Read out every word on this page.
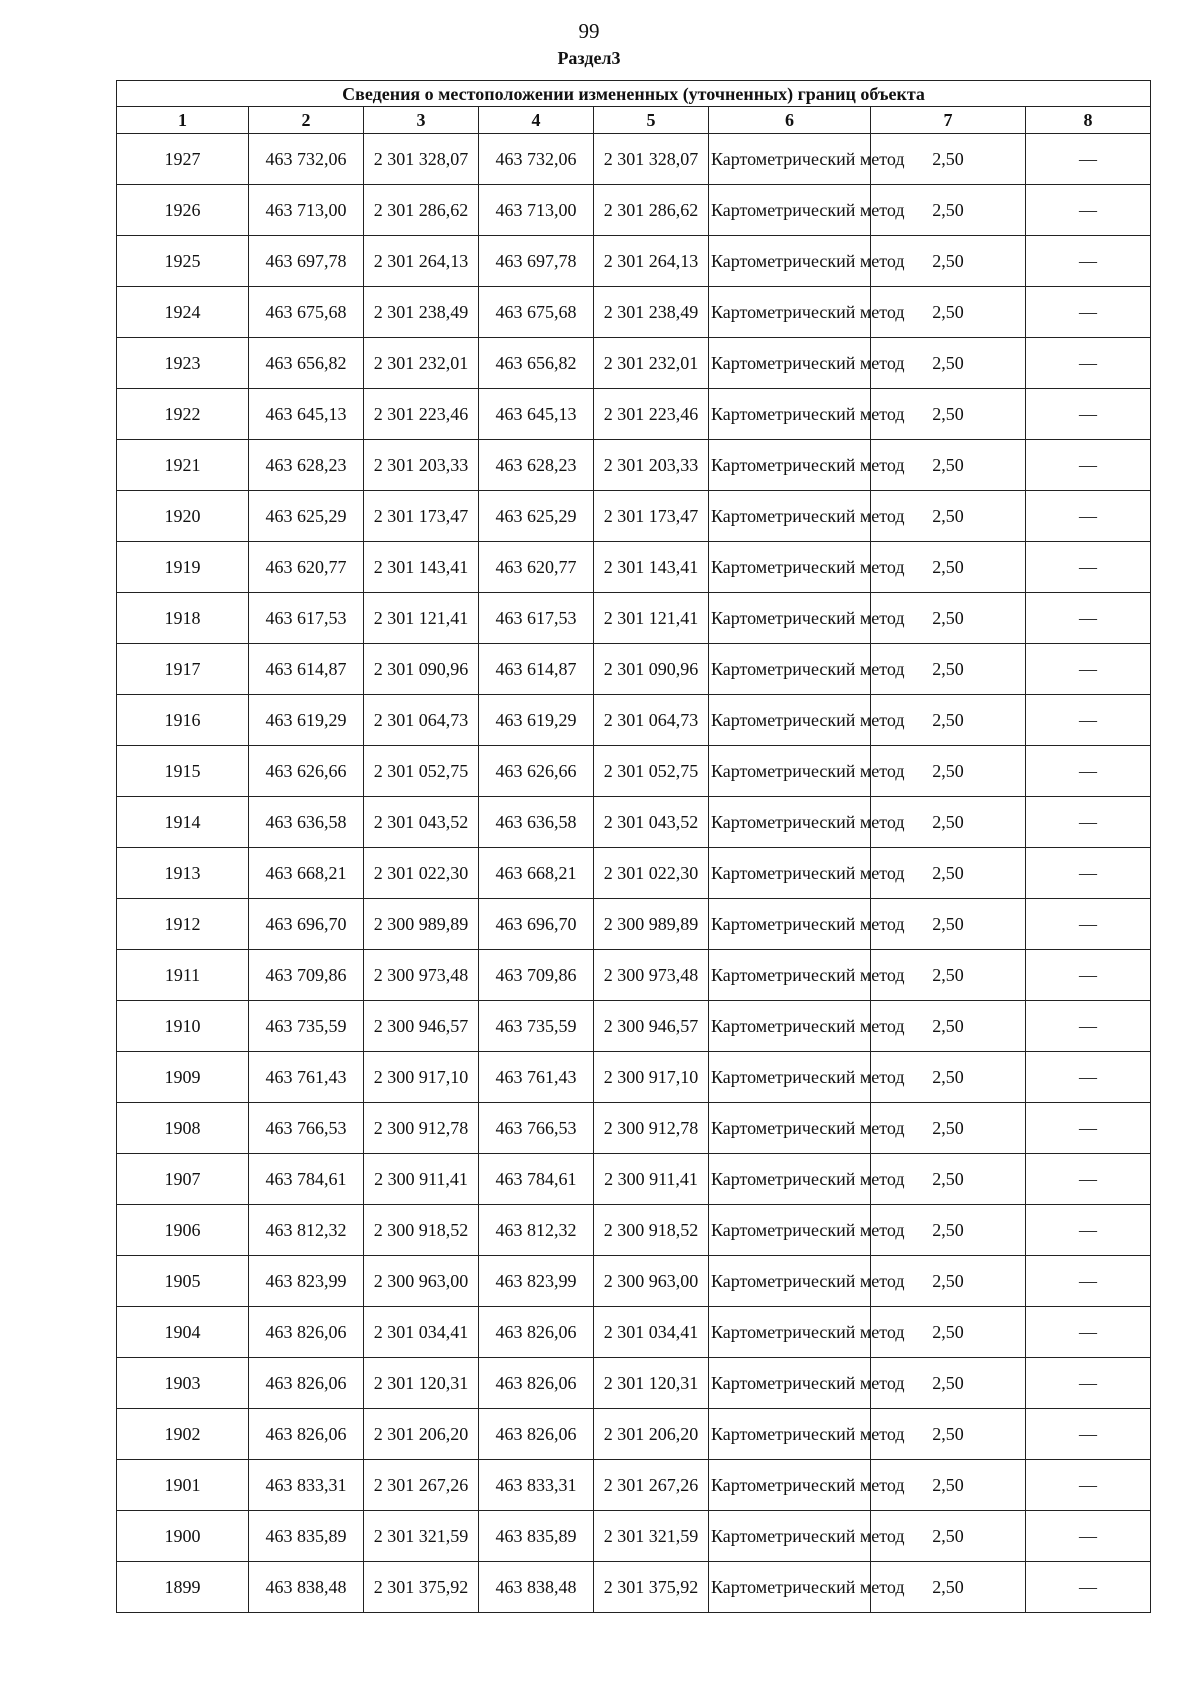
99
Раздел3
Сведения о местоположении измененных (уточненных) границ объекта							
1	2	3	4	5	6	7	8
1927	463 732,06	2 301 328,07	463 732,06	2 301 328,07	Картометрический метод	2,50	—
1926	463 713,00	2 301 286,62	463 713,00	2 301 286,62	Картометрический метод	2,50	—
1925	463 697,78	2 301 264,13	463 697,78	2 301 264,13	Картометрический метод	2,50	—
1924	463 675,68	2 301 238,49	463 675,68	2 301 238,49	Картометрический метод	2,50	—
1923	463 656,82	2 301 232,01	463 656,82	2 301 232,01	Картометрический метод	2,50	—
1922	463 645,13	2 301 223,46	463 645,13	2 301 223,46	Картометрический метод	2,50	—
1921	463 628,23	2 301 203,33	463 628,23	2 301 203,33	Картометрический метод	2,50	—
1920	463 625,29	2 301 173,47	463 625,29	2 301 173,47	Картометрический метод	2,50	—
1919	463 620,77	2 301 143,41	463 620,77	2 301 143,41	Картометрический метод	2,50	—
1918	463 617,53	2 301 121,41	463 617,53	2 301 121,41	Картометрический метод	2,50	—
1917	463 614,87	2 301 090,96	463 614,87	2 301 090,96	Картометрический метод	2,50	—
1916	463 619,29	2 301 064,73	463 619,29	2 301 064,73	Картометрический метод	2,50	—
1915	463 626,66	2 301 052,75	463 626,66	2 301 052,75	Картометрический метод	2,50	—
1914	463 636,58	2 301 043,52	463 636,58	2 301 043,52	Картометрический метод	2,50	—
1913	463 668,21	2 301 022,30	463 668,21	2 301 022,30	Картометрический метод	2,50	—
1912	463 696,70	2 300 989,89	463 696,70	2 300 989,89	Картометрический метод	2,50	—
1911	463 709,86	2 300 973,48	463 709,86	2 300 973,48	Картометрический метод	2,50	—
1910	463 735,59	2 300 946,57	463 735,59	2 300 946,57	Картометрический метод	2,50	—
1909	463 761,43	2 300 917,10	463 761,43	2 300 917,10	Картометрический метод	2,50	—
1908	463 766,53	2 300 912,78	463 766,53	2 300 912,78	Картометрический метод	2,50	—
1907	463 784,61	2 300 911,41	463 784,61	2 300 911,41	Картометрический метод	2,50	—
1906	463 812,32	2 300 918,52	463 812,32	2 300 918,52	Картометрический метод	2,50	—
1905	463 823,99	2 300 963,00	463 823,99	2 300 963,00	Картометрический метод	2,50	—
1904	463 826,06	2 301 034,41	463 826,06	2 301 034,41	Картометрический метод	2,50	—
1903	463 826,06	2 301 120,31	463 826,06	2 301 120,31	Картометрический метод	2,50	—
1902	463 826,06	2 301 206,20	463 826,06	2 301 206,20	Картометрический метод	2,50	—
1901	463 833,31	2 301 267,26	463 833,31	2 301 267,26	Картометрический метод	2,50	—
1900	463 835,89	2 301 321,59	463 835,89	2 301 321,59	Картометрический метод	2,50	—
1899	463 838,48	2 301 375,92	463 838,48	2 301 375,92	Картометрический метод	2,50	—
